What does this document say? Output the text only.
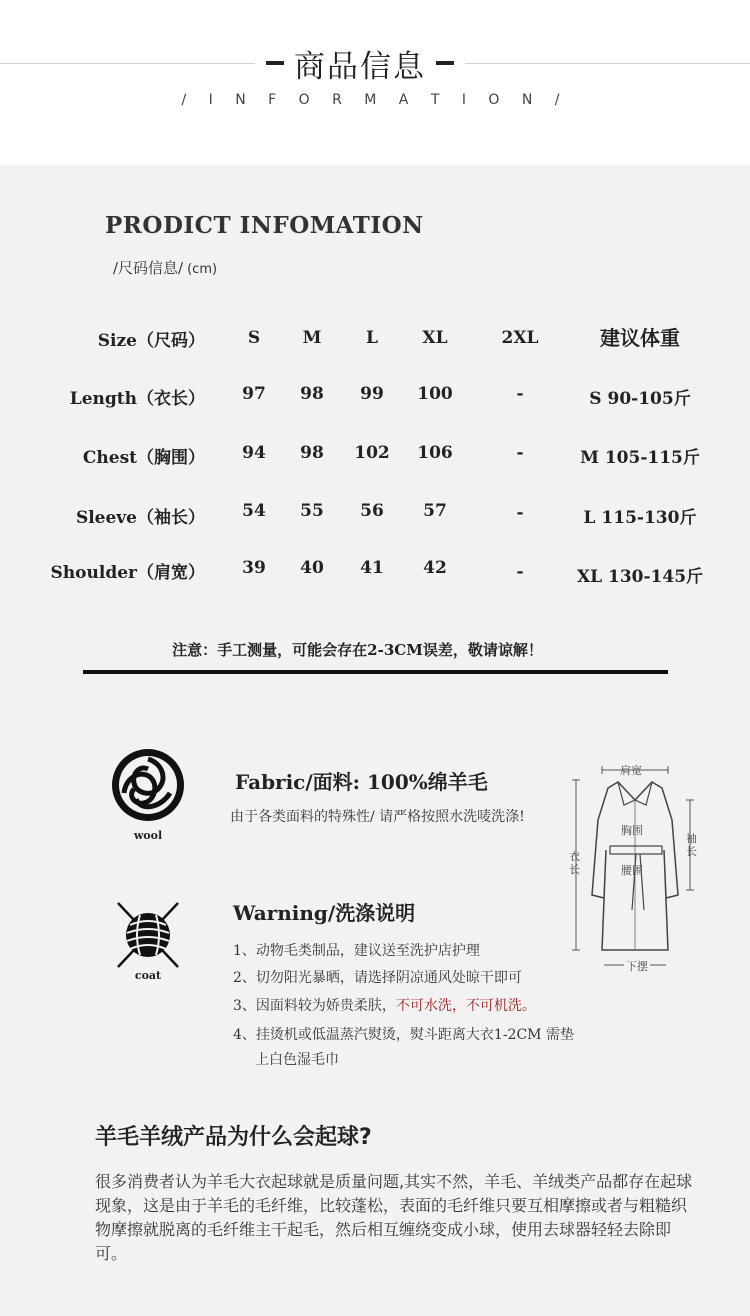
商品信息
/ I N F O R M A T I O N /
PRODICT INFOMATION
/尺码信息/ (cm)
Size（尺码）	S	M	L	XL	2XL	建议体重
Length（衣长）	97	98	99	100	-	S 90-105斤
Chest（胸围）	94	98	102	106	-	M 105-115斤
Sleeve（袖长）	54	55	56	57	-	L 115-130斤
Shoulder（肩宽）	39	40	41	42	-	XL 130-145斤
注意：手工测量，可能会存在2-3CM误差，敬请谅解！
wool
coat
Fabric/面料: 100%绵羊毛
由于各类面料的特殊性/ 请严格按照水洗唛洗涤!
Warning/洗涤说明
1、动物毛类制品，建议送至洗护店护理
2、切勿阳光暴晒，请选择阴凉通风处晾干即可
3、因面料较为娇贵柔肤，不可水洗，不可机洗。
4、挂烫机或低温蒸汽熨烫，熨斗距离大衣1-2CM 需垫
上白色湿毛巾
肩宽
胸围
腰围
衣长
袖长
下摆
羊毛羊绒产品为什么会起球?
很多消费者认为羊毛大衣起球就是质量问题,其实不然，羊毛、羊绒类产品都存在起球现象，这是由于羊毛的毛纤维，比较蓬松，表面的毛纤维只要互相摩擦或者与粗糙织物摩擦就脱离的毛纤维主干起毛，然后相互缠绕变成小球，使用去球器轻轻去除即可。
